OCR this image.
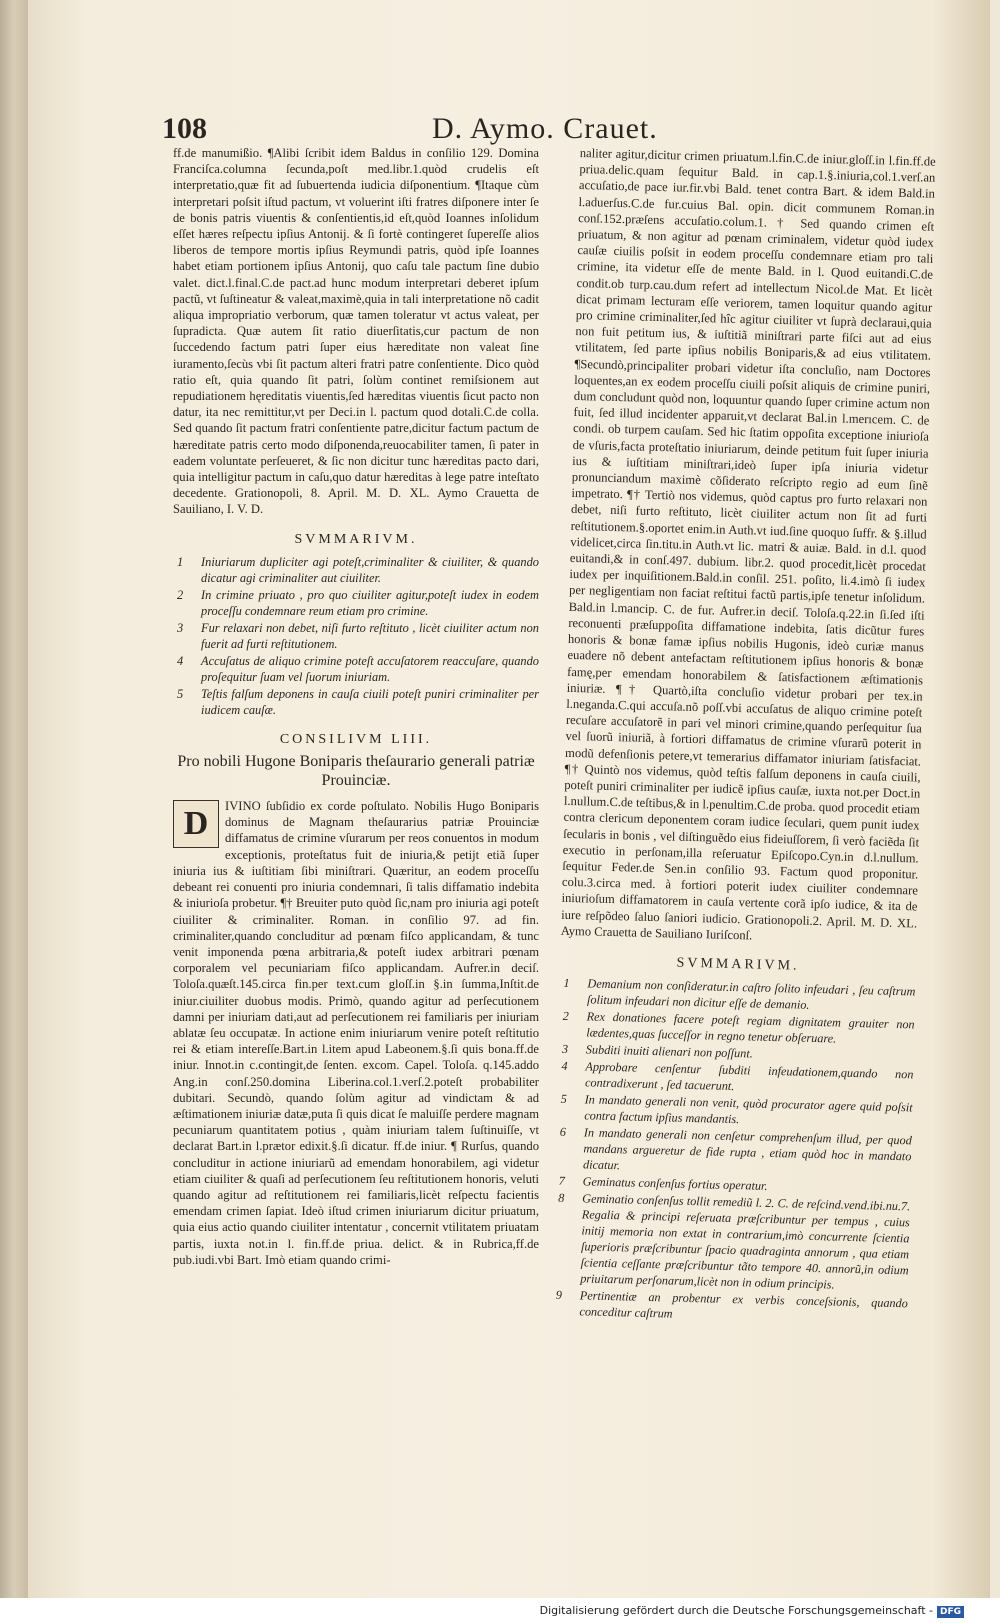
108	D. Aymo. Crauet.

ff.de manumißio. ¶Alibi ſcribit idem Baldus in conſilio 129. Domina Franciſca.columna ſecunda,poſt med.libr.1.quòd crudelis eſt interpretatio,quæ fit ad ſubuertenda iudicia diſponentium. ¶Itaque cùm interpretari poſsit iſtud pactum, vt voluerint iſti fratres diſponere inter ſe de bonis patris viuentis & conſentientis,id eſt,quòd Ioannes inſolidum eſſet hæres reſpectu ipſius Antonij. & ſi fortè contingeret ſupereſſe alios liberos de tempore mortis ipſius Reymundi patris, quòd ipſe Ioannes habet etiam portionem ipſius Antonij, quo caſu tale pactum ſine dubio valet. dict.l.final.C.de pact.ad hunc modum interpretari deberet ipſum pactũ, vt ſuſtineatur & valeat,maximè,quia in tali interpretatione nõ cadit aliqua impropriatio verborum, quæ tamen toleratur vt actus valeat, per ſupradicta. Quæ autem ſit ratio diuerſitatis,cur pactum de non ſuccedendo factum patri ſuper eius hæreditate non valeat ſine iuramento,ſecùs vbi ſit pactum alteri fratri patre conſentiente. Dico quòd ratio eſt, quia quando ſit patri, ſolùm continet remiſsionem aut repudiationem hęreditatis viuentis,ſed hæreditas viuentis ſicut pacto non datur, ita nec remittitur,vt per Deci.in l. pactum quod dotali.C.de colla. Sed quando ſit pactum fratri conſentiente patre,dicitur factum pactum de hæreditate patris certo modo diſponenda,reuocabiliter tamen, ſi pater in eadem voluntate perſeueret, & ſic non dicitur tunc hæreditas pacto dari, quia intelligitur pactum in caſu,quo datur hæreditas à lege patre inteſtato decedente. Grationopoli, 8. April. M. D. XL. Aymo Crauetta de Sauiliano, I. V. D.

SVMMARIVM.
1 Iniuriarum dupliciter agi poteſt,criminaliter & ciuiliter, & quando dicatur agi criminaliter aut ciuiliter.
2 In crimine priuato , pro quo ciuiliter agitur,poteſt iudex in eodem proceſſu condemnare reum etiam pro crimine.
3 Fur relaxari non debet, niſi furto reſtituto , licèt ciuiliter actum non fuerit ad furti reſtitutionem.
4 Accuſatus de aliquo crimine poteſt accuſatorem reaccuſare, quando proſequitur ſuam vel ſuorum iniuriam.
5 Teſtis falſum deponens in cauſa ciuili poteſt puniri criminaliter per iudicem cauſæ.
CONSILIVM LIII.
Pro nobili Hugone Boniparis theſaurario generali patriæ Prouinciæ.

D	IVINO ſubſidio ex corde poſtulato. Nobilis Hugo Boniparis dominus de Magnam theſaurarius patriæ Prouinciæ diffamatus de crimine vſurarum per reos conuentos in modum exceptionis, proteſtatus fuit de iniuria,& petijt etiã ſuper iniuria ius & iuſtitiam ſibi miniſtrari. Quæritur, an eodem proceſſu debeant rei conuenti pro iniuria condemnari, ſi talis diffamatio indebita & iniurioſa probetur. ¶† Breuiter puto quòd ſic,nam pro iniuria agi poteſt ciuiliter & criminaliter. Roman. in conſilio 97. ad fin. criminaliter,quando concluditur ad pœnam fiſco applicandam, & tunc venit imponenda pœna arbitraria,& poteſt iudex arbitrari pœnam corporalem vel pecuniariam fiſco applicandam. Aufrer.in deciſ. Toloſa.quæſt.145.circa fin.per text.cum gloſſ.in §.in ſumma,Inſtit.de iniur.ciuiliter duobus modis. Primò, quando agitur ad perſecutionem damni per iniuriam dati,aut ad perſecutionem rei familiaris per iniuriam ablatæ ſeu occupatæ. In actione enim iniuriarum venire poteſt reſtitutio rei & etiam intereſſe.Bart.in l.item apud Labeonem.§.ſi quis bona.ff.de iniur. Innot.in c.contingit,de ſenten. excom. Capel. Toloſa. q.145.addo Ang.in conſ.250.domina Liberina.col.1.verſ.2.poteſt probabiliter dubitari. Secundò, quando ſolùm agitur ad vindictam & ad æſtimationem iniuriæ datæ,puta ſi quis dicat ſe maluiſſe perdere magnam pecuniarum quantitatem potius , quàm iniuriam talem ſuſtinuiſſe, vt declarat Bart.in l.prætor edixit.§.ſi dicatur. ff.de iniur. ¶ Rurſus, quando concluditur in actione iniuriarũ ad emendam honorabilem, agi videtur etiam ciuiliter & quaſi ad perſecutionem ſeu reſtitutionem honoris, veluti quando agitur ad reſtitutionem rei familiaris,licèt reſpectu facientis emendam crimen ſapiat. Ideò iſtud crimen iniuriarum dicitur priuatum, quia eius actio quando ciuiliter intentatur , concernit vtilitatem priuatam partis, iuxta not.in l. fin.ff.de priua. delict. & in Rubrica,ff.de pub.iudi.vbi Bart. Imò etiam quando crimi-

naliter agitur,dicitur crimen priuatum.l.fin.C.de iniur.gloſſ.in l.fin.ff.de priua.delic.quam ſequitur Bald. in cap.1.§.iniuria,col.1.verſ.an accuſatio,de pace iur.fir.vbi Bald. tenet contra Bart. & idem Bald.in l.aduerſus.C.de fur.cuius Bal. opin. dicit communem Roman.in conſ.152.præſens accuſatio.colum.1. † Sed quando crimen eſt priuatum, & non agitur ad pœnam criminalem, videtur quòd iudex cauſæ ciuilis poſsit in eodem proceſſu condemnare etiam pro tali crimine, ita videtur eſſe de mente Bald. in l. Quod euitandi.C.de condit.ob turp.cau.dum refert ad intellectum Nicol.de Mat. Et licèt dicat primam lecturam eſſe veriorem, tamen loquitur quando agitur pro crimine criminaliter,ſed hîc agitur ciuiliter vt ſuprà declaraui,quia non fuit petitum ius, & iuſtitiã miniſtrari parte fiſci aut ad eius vtilitatem, ſed parte ipſius nobilis Boniparis,& ad eius vtilitatem. ¶Secundò,principaliter probari videtur iſta concluſio, nam Doctores loquentes,an ex eodem proceſſu ciuili poſsit aliquis de crimine puniri, dum concludunt quòd non, loquuntur quando ſuper crimine actum non fuit, ſed illud incidenter apparuit,vt declarat Bal.in l.merıcem. C. de condi. ob turpem cauſam. Sed hic ſtatim oppoſita exceptione iniurioſa de vſuris,facta proteſtatio iniuriarum, deinde petitum fuit ſuper iniuria ius & iuſtitiam miniſtrari,ideò ſuper ipſa iniuria videtur pronunciandum maximè cõſiderato reſcripto regio ad eum ſinẽ impetrato. ¶† Tertiò nos videmus, quòd captus pro furto relaxari non debet, niſi furto reſtituto, licèt ciuiliter actum non ſit ad furti reſtitutionem.§.oportet enim.in Auth.vt iud.ſine quoquo ſuffr. & §.illud videlicet,circa ſin.titu.in Auth.vt lic. matri & auiæ. Bald. in d.l. quod euitandi,& in conſ.497. dubium. libr.2. quod procedit,licèt procedat iudex per inquiſitionem.Bald.in conſil. 251. poſito, li.4.imò ſi iudex per negligentiam non faciat reſtitui factũ partis,ipſe tenetur inſolidum. Bald.in l.mancip. C. de fur. Aufrer.in deciſ. Toloſa.q.22.in ſi.ſed iſti reconuenti præſuppoſita diffamatione indebita, ſatis dicũtur fures honoris & bonæ famæ ipſius nobilis Hugonis, ideò curiæ manus euadere nõ debent antefactam reſtitutionem ipſius honoris & bonæ famę,per emendam honorabilem & ſatisfactionem æſtimationis iniuriæ. ¶† Quartò,iſta concluſio videtur probari per tex.in l.neganda.C.qui accuſa.nõ poſſ.vbi accuſatus de aliquo crimine poteſt recuſare accuſatorẽ in pari vel minori crimine,quando perſequitur ſua vel ſuorũ iniuriã, à fortiori diffamatus de crimine vſurarũ poterit in modũ defenſionis petere,vt temerarius diffamator iniuriam ſatisfaciat. ¶† Quintò nos videmus, quòd teſtis falſum deponens in cauſa ciuili, poteſt puniri criminaliter per iudicẽ ipſius cauſæ, iuxta not.per Doct.in l.nullum.C.de teſtibus,& in l.penultim.C.de proba. quod procedit etiam contra clericum deponentem coram iudice ſeculari, quem punit iudex ſecularis in bonis , vel diſtinguẽdo eius fideiuſſorem, ſi verò faciẽda ſit executio in perſonam,illa reſeruatur Epiſcopo.Cyn.in d.l.nullum. ſequitur Feder.de Sen.in conſilio 93. Factum quod proponitur. colu.3.circa med. à fortiori poterit iudex ciuiliter condemnare iniurioſum diffamatorem in cauſa vertente corã ipſo iudice, & ita de iure reſpõdeo ſaluo ſaniori iudicio. Grationopoli.2. April. M. D. XL. Aymo Crauetta de Sauiliano Iuriſconſ.

SVMMARIVM.
1 Demanium non conſideratur.in caſtro ſolito infeudari , ſeu caſtrum ſolitum infeudari non dicitur eſſe de demanio.
2 Rex donationes facere poteſt regiam dignitatem grauiter non lædentes,quas ſucceſſor in regno tenetur obſeruare.
3 Subditi inuiti alienari non poſſunt.
4 Approbare cenſentur ſubditi infeudationem,quando non contradixerunt , ſed tacuerunt.
5 In mandato generali non venit, quòd procurator agere quid poſsit contra factum ipſius mandantis.
6 In mandato generali non cenſetur comprehenſum illud, per quod mandans argueretur de fide rupta , etiam quòd hoc in mandato dicatur.
7 Geminatus conſenſus fortius operatur.
8 Geminatio conſenſus tollit remediũ l. 2. C. de reſcind.vend.ibi.nu.7. Regalia & principi reſeruata præſcribuntur per tempus , cuius initij memoria non extat in contrarium,imò concurrente ſcientia ſuperioris præſcribuntur ſpacio quadraginta annorum , qua etiam ſcientia ceſſante præſcribuntur tãto tempore 40. annorũ,in odium priuitarum perſonarum,licèt non in odium principis.
9 Pertinentiæ an probentur ex verbis conceſsionis, quando conceditur caſtrum
Digitalisierung gefördert durch die Deutsche Forschungsgemeinschaft - DFG
